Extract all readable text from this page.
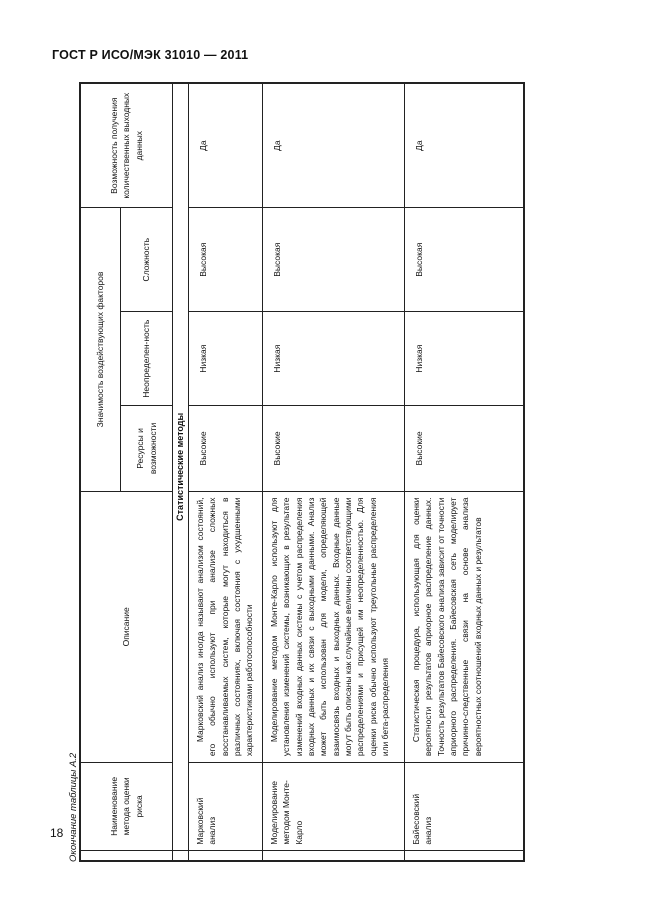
ГОСТ Р ИСО/МЭК 31010 — 2011
18 Окончание таблицы А.2
		Наименование метода оценки риска	Описание	Значимость воздействующих факторов			Возможность получения количественных выходных данных
			Ресурсы и возможности	Неопределен-ность	Сложность	
	Статистические методы					
	Марковский анализ	Марковский анализ иногда называют анализом состояний, его обычно используют при анализе сложных восстанавливаемых систем, которые могут находиться в различных состояниях, включая состояния с ухудшенными характеристиками работоспособности	Высокие	Низкая	Высокая	Да
	Моделирование методом Монте-Карло	Моделирование методом Монте-Карло используют для установления изменений системы, возникающих в результате изменений входных данных системы с учетом распределения входных данных и их связи с выходными данными. Анализ может быть использован для модели, определяющей взаимосвязь входных и выходных данных. Входные данные могут быть описаны как случайные величины соответствующими распределениями и присущей им неопределенностью. Для оценки риска обычно используют треугольные распределения или бета-распределения	Высокие	Низкая	Высокая	Да
	Байесовский анализ	Статистическая процедура, использующая для оценки вероятности результатов априорное распределение данных. Точность результатов Байесовского анализа зависит от точности априорного распределения. Байесовская сеть моделирует причинно-следственные связи на основе анализа вероятностных соотношений входных данных и результатов	Высокие	Низкая	Высокая	Да
